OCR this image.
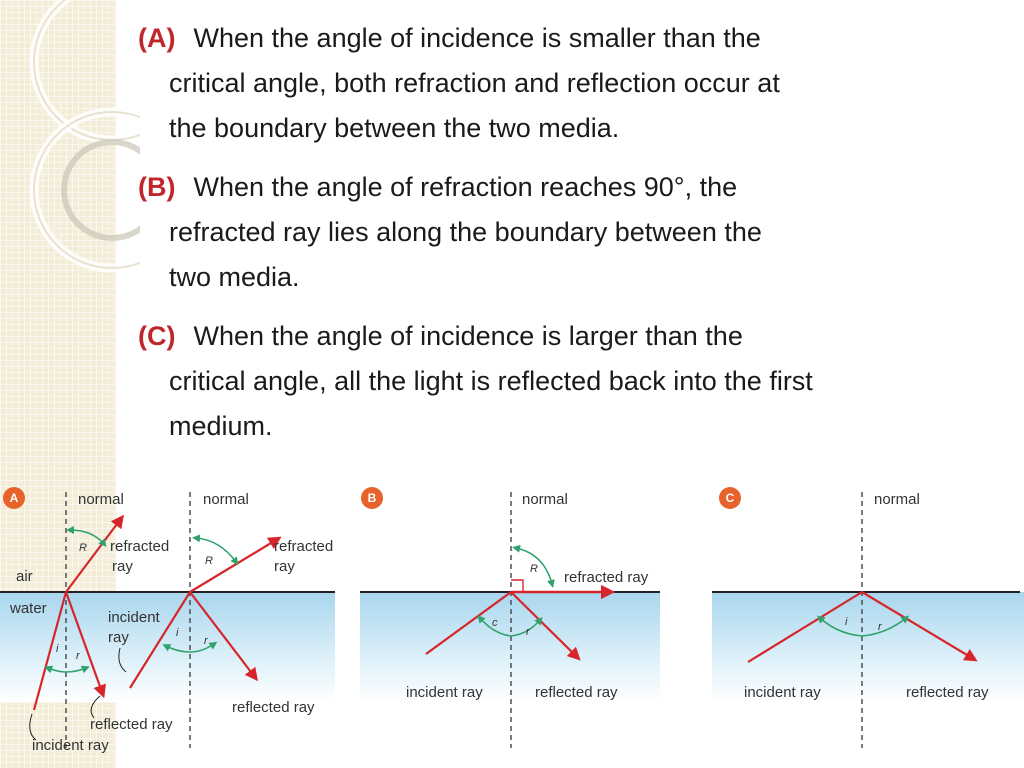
(A) When the angle of incidence is smaller than the
critical angle, both refraction and reflection occur at
the boundary between the two media.
(B) When the angle of refraction reaches 90°, the
refracted ray lies along the boundary between the
two media.
(C) When the angle of incidence is larger than the
critical angle, all the light is reflected back into the first
medium.
A	normal	normal
air
water
R
R
i
r
i
r
refracted
ray
refracted
ray
incident
ray
reflected ray
reflected ray
incident ray
B	normal
R
c
r
refracted ray
incident ray	reflected ray
C	normal
i	r
incident ray	reflected ray
